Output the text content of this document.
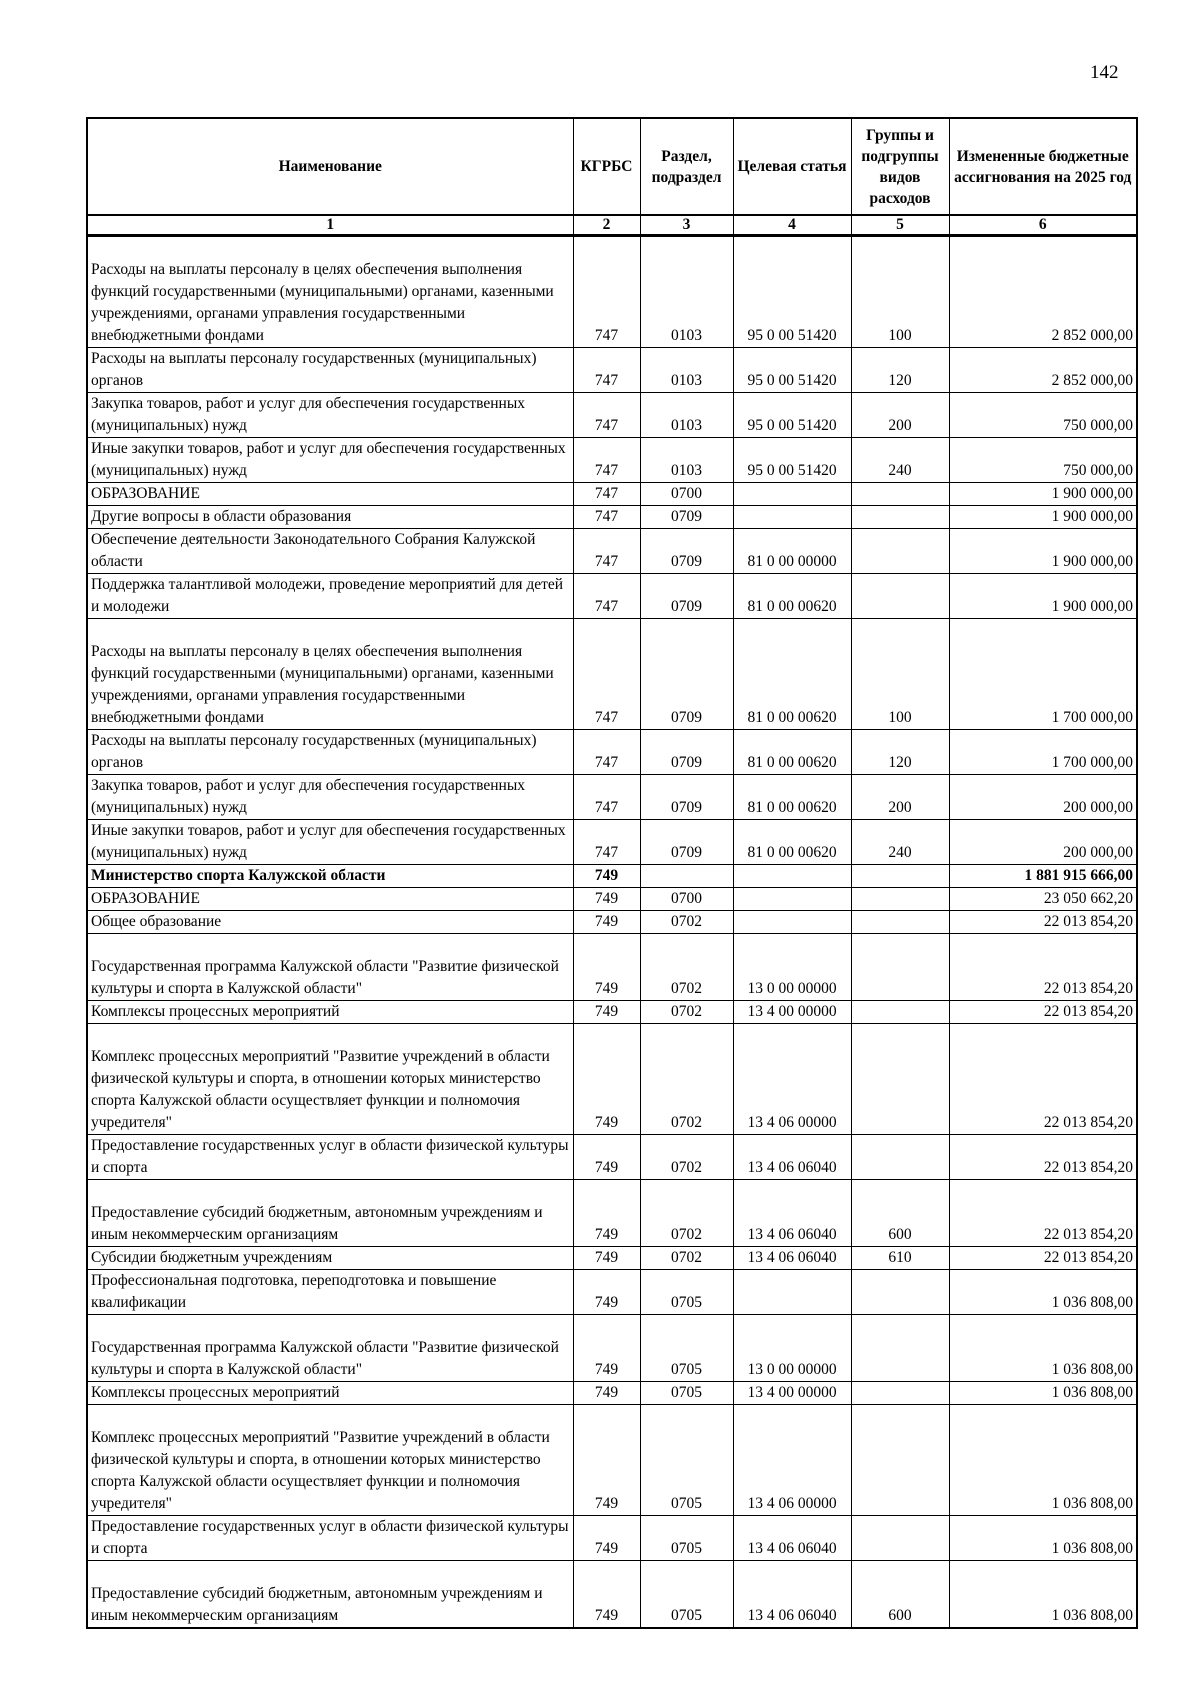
142
Наименование	КГРБС	Раздел, подраздел	Целевая статья	Группы и подгруппы видов расходов	Измененные бюджетные ассигнования на 2025 год
1	2	3	4	5	6
Расходы на выплаты персоналу в целях обеспечения выполнения функций государственными (муниципальными) органами, казенными учреждениями, органами управления государственными внебюджетными фондами	747	0103	95 0 00 51420	100	2 852 000,00
Расходы на выплаты персоналу государственных (муниципальных) органов	747	0103	95 0 00 51420	120	2 852 000,00
Закупка товаров, работ и услуг для обеспечения государственных (муниципальных) нужд	747	0103	95 0 00 51420	200	750 000,00
Иные закупки товаров, работ и услуг для обеспечения государственных (муниципальных) нужд	747	0103	95 0 00 51420	240	750 000,00
ОБРАЗОВАНИЕ	747	0700			1 900 000,00
Другие вопросы в области образования	747	0709			1 900 000,00
Обеспечение деятельности Законодательного Собрания Калужской области	747	0709	81 0 00 00000		1 900 000,00
Поддержка талантливой молодежи, проведение мероприятий для детей и молодежи	747	0709	81 0 00 00620		1 900 000,00
Расходы на выплаты персоналу в целях обеспечения выполнения функций государственными (муниципальными) органами, казенными учреждениями, органами управления государственными внебюджетными фондами	747	0709	81 0 00 00620	100	1 700 000,00
Расходы на выплаты персоналу государственных (муниципальных) органов	747	0709	81 0 00 00620	120	1 700 000,00
Закупка товаров, работ и услуг для обеспечения государственных (муниципальных) нужд	747	0709	81 0 00 00620	200	200 000,00
Иные закупки товаров, работ и услуг для обеспечения государственных (муниципальных) нужд	747	0709	81 0 00 00620	240	200 000,00
Министерство спорта Калужской области	749				1 881 915 666,00
ОБРАЗОВАНИЕ	749	0700			23 050 662,20
Общее образование	749	0702			22 013 854,20
Государственная программа Калужской области "Развитие физической культуры и спорта в Калужской области"	749	0702	13 0 00 00000		22 013 854,20
Комплексы процессных мероприятий	749	0702	13 4 00 00000		22 013 854,20
Комплекс процессных мероприятий "Развитие учреждений в области физической культуры и спорта, в отношении которых министерство спорта Калужской области осуществляет функции и полномочия учредителя"	749	0702	13 4 06 00000		22 013 854,20
Предоставление государственных услуг в области физической культуры и спорта	749	0702	13 4 06 06040		22 013 854,20
Предоставление субсидий бюджетным, автономным учреждениям и иным некоммерческим организациям	749	0702	13 4 06 06040	600	22 013 854,20
Субсидии бюджетным учреждениям	749	0702	13 4 06 06040	610	22 013 854,20
Профессиональная подготовка, переподготовка и повышение квалификации	749	0705			1 036 808,00
Государственная программа Калужской области "Развитие физической культуры и спорта в Калужской области"	749	0705	13 0 00 00000		1 036 808,00
Комплексы процессных мероприятий	749	0705	13 4 00 00000		1 036 808,00
Комплекс процессных мероприятий "Развитие учреждений в области физической культуры и спорта, в отношении которых министерство спорта Калужской области осуществляет функции и полномочия учредителя"	749	0705	13 4 06 00000		1 036 808,00
Предоставление государственных услуг в области физической культуры и спорта	749	0705	13 4 06 06040		1 036 808,00
Предоставление субсидий бюджетным, автономным учреждениям и иным некоммерческим организациям	749	0705	13 4 06 06040	600	1 036 808,00
